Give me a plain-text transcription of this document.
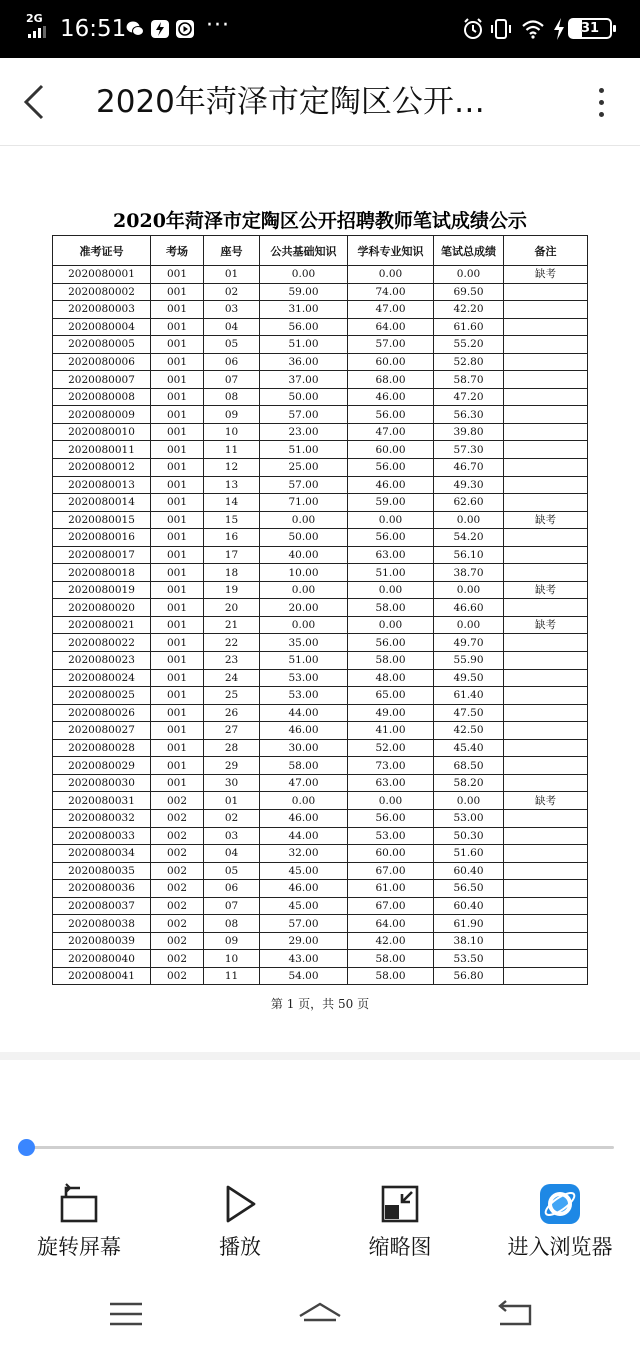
2G 16:51	···	31
2020年菏泽市定陶区公开…
2020年菏泽市定陶区公开招聘教师笔试成绩公示
准考证号	考场	座号	公共基础知识	学科专业知识	笔试总成绩	备注
2020080001	001	01	0.00	0.00	0.00	缺考
2020080002	001	02	59.00	74.00	69.50	
2020080003	001	03	31.00	47.00	42.20	
2020080004	001	04	56.00	64.00	61.60	
2020080005	001	05	51.00	57.00	55.20	
2020080006	001	06	36.00	60.00	52.80	
2020080007	001	07	37.00	68.00	58.70	
2020080008	001	08	50.00	46.00	47.20	
2020080009	001	09	57.00	56.00	56.30	
2020080010	001	10	23.00	47.00	39.80	
2020080011	001	11	51.00	60.00	57.30	
2020080012	001	12	25.00	56.00	46.70	
2020080013	001	13	57.00	46.00	49.30	
2020080014	001	14	71.00	59.00	62.60	
2020080015	001	15	0.00	0.00	0.00	缺考
2020080016	001	16	50.00	56.00	54.20	
2020080017	001	17	40.00	63.00	56.10	
2020080018	001	18	10.00	51.00	38.70	
2020080019	001	19	0.00	0.00	0.00	缺考
2020080020	001	20	20.00	58.00	46.60	
2020080021	001	21	0.00	0.00	0.00	缺考
2020080022	001	22	35.00	56.00	49.70	
2020080023	001	23	51.00	58.00	55.90	
2020080024	001	24	53.00	48.00	49.50	
2020080025	001	25	53.00	65.00	61.40	
2020080026	001	26	44.00	49.00	47.50	
2020080027	001	27	46.00	41.00	42.50	
2020080028	001	28	30.00	52.00	45.40	
2020080029	001	29	58.00	73.00	68.50	
2020080030	001	30	47.00	63.00	58.20	
2020080031	002	01	0.00	0.00	0.00	缺考
2020080032	002	02	46.00	56.00	53.00	
2020080033	002	03	44.00	53.00	50.30	
2020080034	002	04	32.00	60.00	51.60	
2020080035	002	05	45.00	67.00	60.40	
2020080036	002	06	46.00	61.00	56.50	
2020080037	002	07	45.00	67.00	60.40	
2020080038	002	08	57.00	64.00	61.90	
2020080039	002	09	29.00	42.00	38.10	
2020080040	002	10	43.00	58.00	53.50	
2020080041	002	11	54.00	58.00	56.80	
第 1 页，共 50 页
旋转屏幕	播放	缩略图	进入浏览器
